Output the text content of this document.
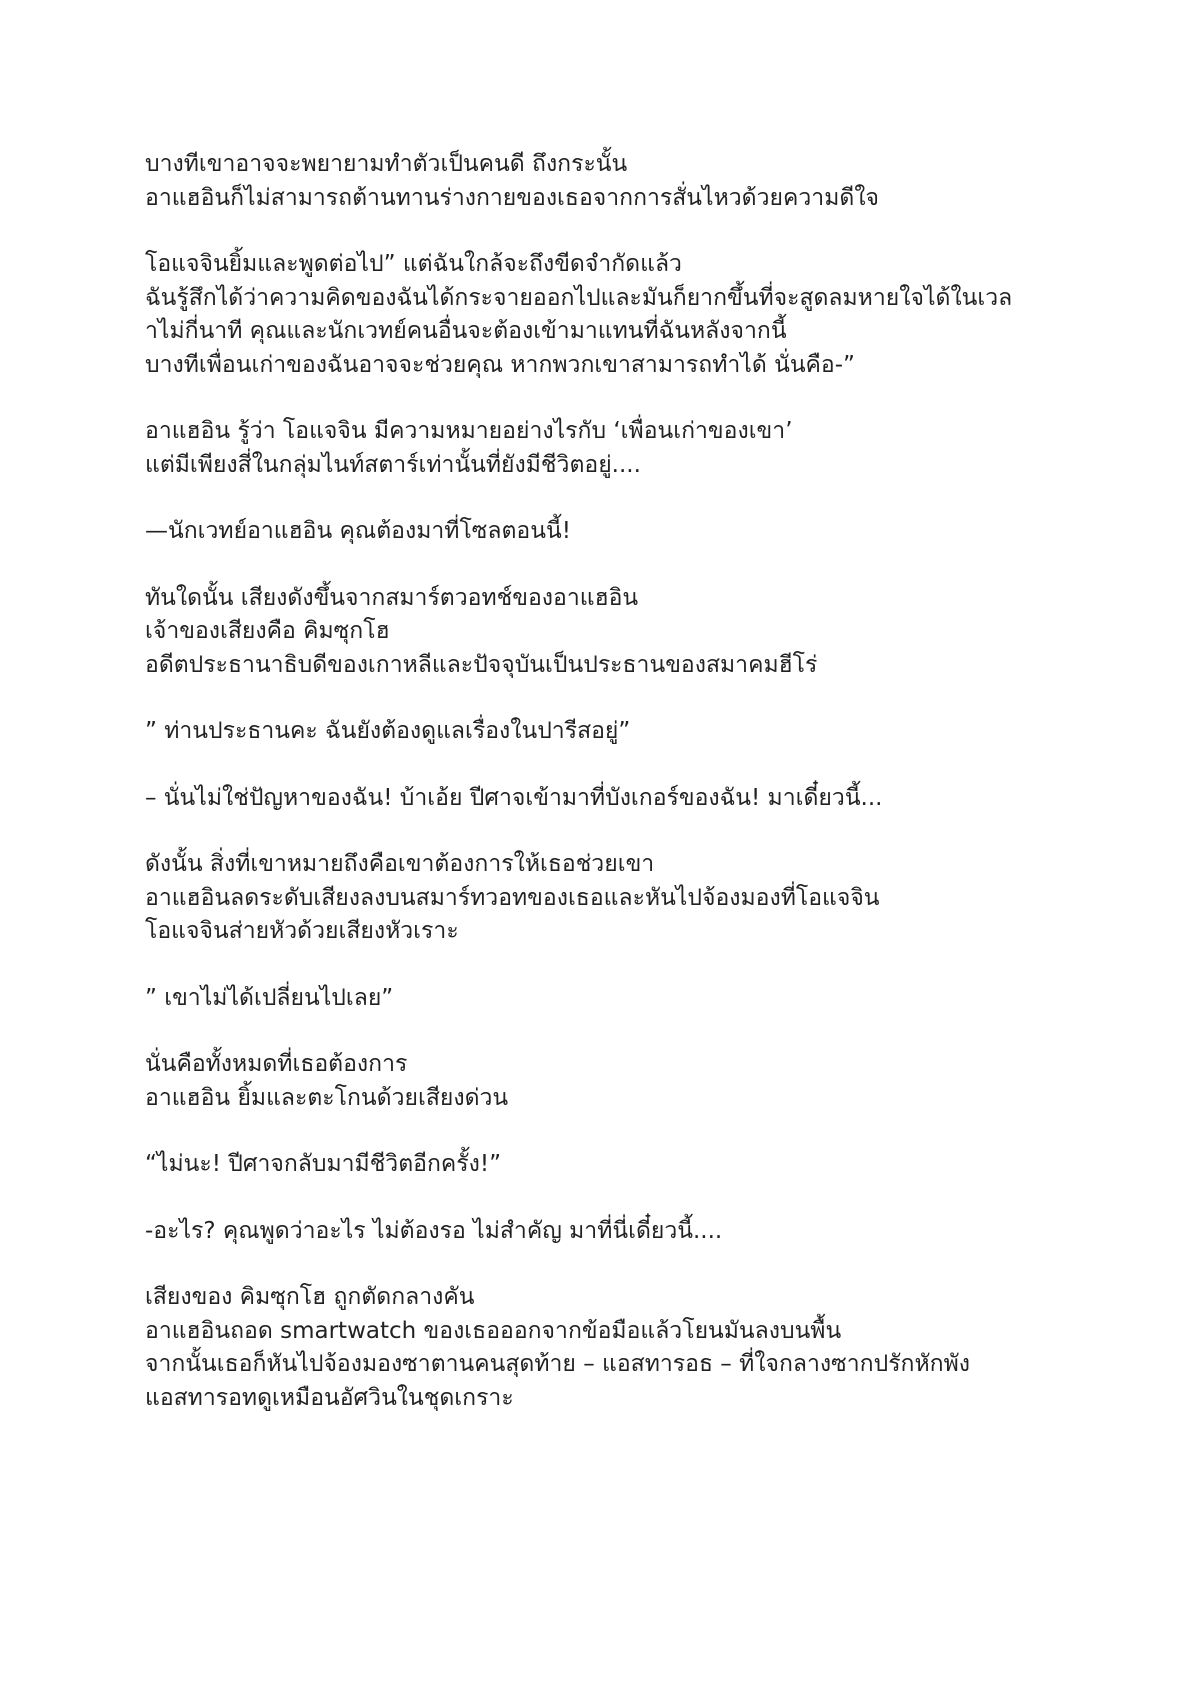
บางทีเขาอาจจะพยายามทำตัวเป็นคนดี ถึงกระนั้น
อาแฮอินก็ไม่สามารถต้านทานร่างกายของเธอจากการสั่นไหวด้วยความดีใจ

โอแจจินยิ้มและพูดต่อไป” แต่ฉันใกล้จะถึงขีดจำกัดแล้ว
ฉันรู้สึกได้ว่าความคิดของฉันได้กระจายออกไปและมันก็ยากขึ้นที่จะสูดลมหายใจได้ในเวล
าไม่กี่นาที คุณและนักเวทย์คนอื่นจะต้องเข้ามาแทนที่ฉันหลังจากนี้
บางทีเพื่อนเก่าของฉันอาจจะช่วยคุณ หากพวกเขาสามารถทำได้ นั่นคือ-”

อาแฮอิน รู้ว่า โอแจจิน มีความหมายอย่างไรกับ ‘เพื่อนเก่าของเขา’
แต่มีเพียงสี่ในกลุ่มไนท์สตาร์เท่านั้นที่ยังมีชีวิตอยู่....

—นักเวทย์อาแฮอิน คุณต้องมาที่โซลตอนนี้!

ทันใดนั้น เสียงดังขึ้นจากสมาร์ตวอทช์ของอาแฮอิน
เจ้าของเสียงคือ คิมซุกโฮ
อดีตประธานาธิบดีของเกาหลีและปัจจุบันเป็นประธานของสมาคมฮีโร่

” ท่านประธานคะ ฉันยังต้องดูแลเรื่องในปารีสอยู่”

– นั่นไม่ใช่ปัญหาของฉัน! บ้าเอ้ย ปีศาจเข้ามาที่บังเกอร์ของฉัน! มาเดี๋ยวนี้...

ดังนั้น สิ่งที่เขาหมายถึงคือเขาต้องการให้เธอช่วยเขา
อาแฮอินลดระดับเสียงลงบนสมาร์ทวอทของเธอและหันไปจ้องมองที่โอแจจิน
โอแจจินส่ายหัวด้วยเสียงหัวเราะ

” เขาไม่ได้เปลี่ยนไปเลย”

นั่นคือทั้งหมดที่เธอต้องการ
อาแฮอิน ยิ้มและตะโกนด้วยเสียงด่วน

“ไม่นะ! ปีศาจกลับมามีชีวิตอีกครั้ง!”

-อะไร? คุณพูดว่าอะไร ไม่ต้องรอ ไม่สำคัญ มาที่นี่เดี๋ยวนี้....

เสียงของ คิมซุกโฮ ถูกตัดกลางคัน
อาแฮอินถอด smartwatch ของเธอออกจากข้อมือแล้วโยนมันลงบนพื้น
จากนั้นเธอก็หันไปจ้องมองซาตานคนสุดท้าย – แอสทารอธ – ที่ใจกลางซากปรักหักพัง
แอสทารอทดูเหมือนอัศวินในชุดเกราะ
